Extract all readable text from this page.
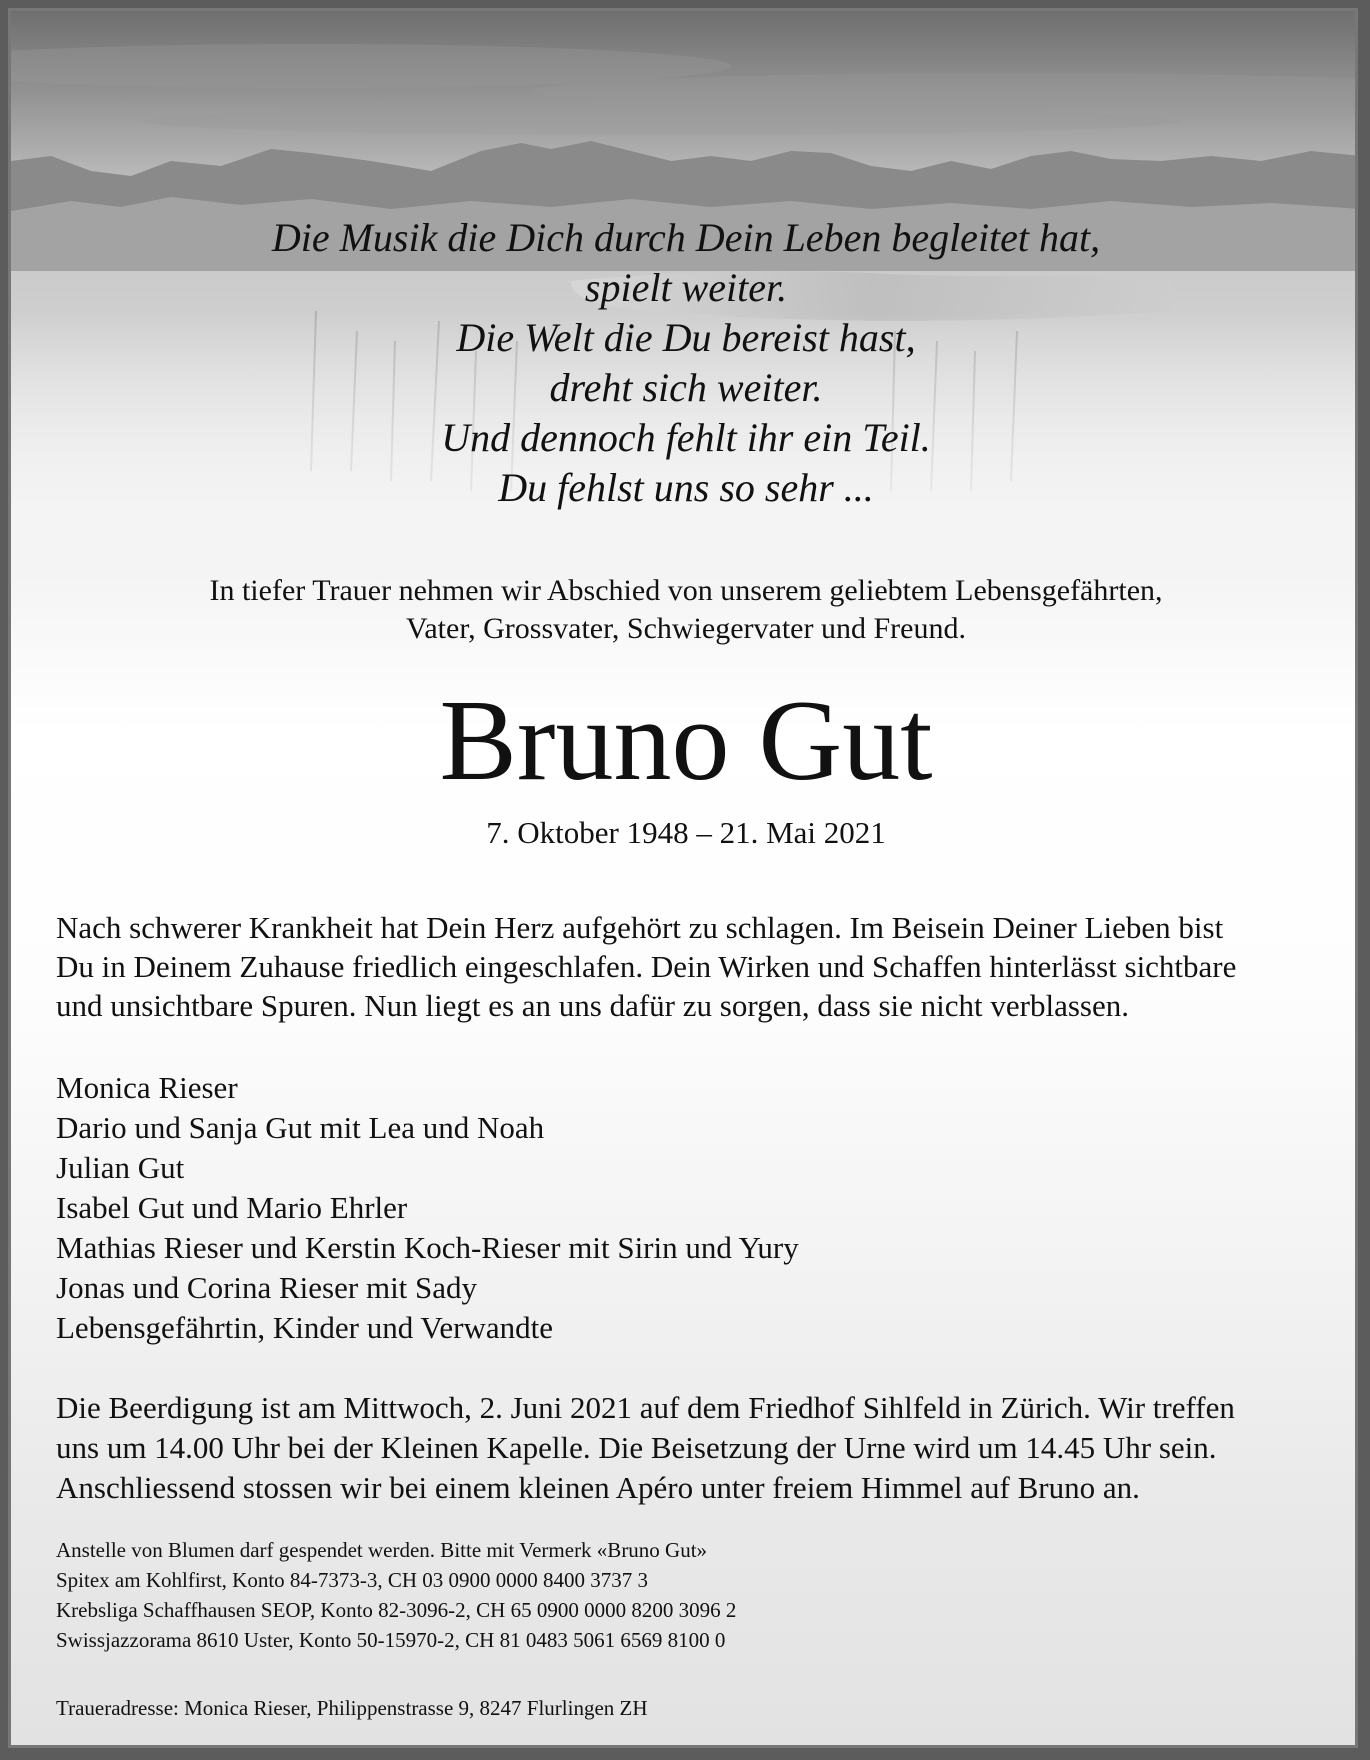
Die Musik die Dich durch Dein Leben begleitet hat,
spielt weiter.
Die Welt die Du bereist hast,
dreht sich weiter.
Und dennoch fehlt ihr ein Teil.
Du fehlst uns so sehr ...
In tiefer Trauer nehmen wir Abschied von unserem geliebtem Lebensgefährten,
Vater, Grossvater, Schwiegervater und Freund.
Bruno Gut
7. Oktober 1948 – 21. Mai 2021
Nach schwerer Krankheit hat Dein Herz aufgehört zu schlagen. Im Beisein Deiner Lieben bist
Du in Deinem Zuhause friedlich eingeschlafen. Dein Wirken und Schaffen hinterlässt sichtbare
und unsichtbare Spuren. Nun liegt es an uns dafür zu sorgen, dass sie nicht verblassen.
Monica Rieser
Dario und Sanja Gut mit Lea und Noah
Julian Gut
Isabel Gut und Mario Ehrler
Mathias Rieser und Kerstin Koch-Rieser mit Sirin und Yury
Jonas und Corina Rieser mit Sady
Lebensgefährtin, Kinder und Verwandte
Die Beerdigung ist am Mittwoch, 2. Juni 2021 auf dem Friedhof Sihlfeld in Zürich. Wir treffen
uns um 14.00 Uhr bei der Kleinen Kapelle. Die Beisetzung der Urne wird um 14.45 Uhr sein.
Anschliessend stossen wir bei einem kleinen Apéro unter freiem Himmel auf Bruno an.
Anstelle von Blumen darf gespendet werden. Bitte mit Vermerk «Bruno Gut»
Spitex am Kohlfirst, Konto 84-7373-3, CH 03 0900 0000 8400 3737 3
Krebsliga Schaffhausen SEOP, Konto 82-3096-2, CH 65 0900 0000 8200 3096 2
Swissjazzorama 8610 Uster, Konto 50-15970-2, CH 81 0483 5061 6569 8100 0
Traueradresse: Monica Rieser, Philippenstrasse 9, 8247 Flurlingen ZH
